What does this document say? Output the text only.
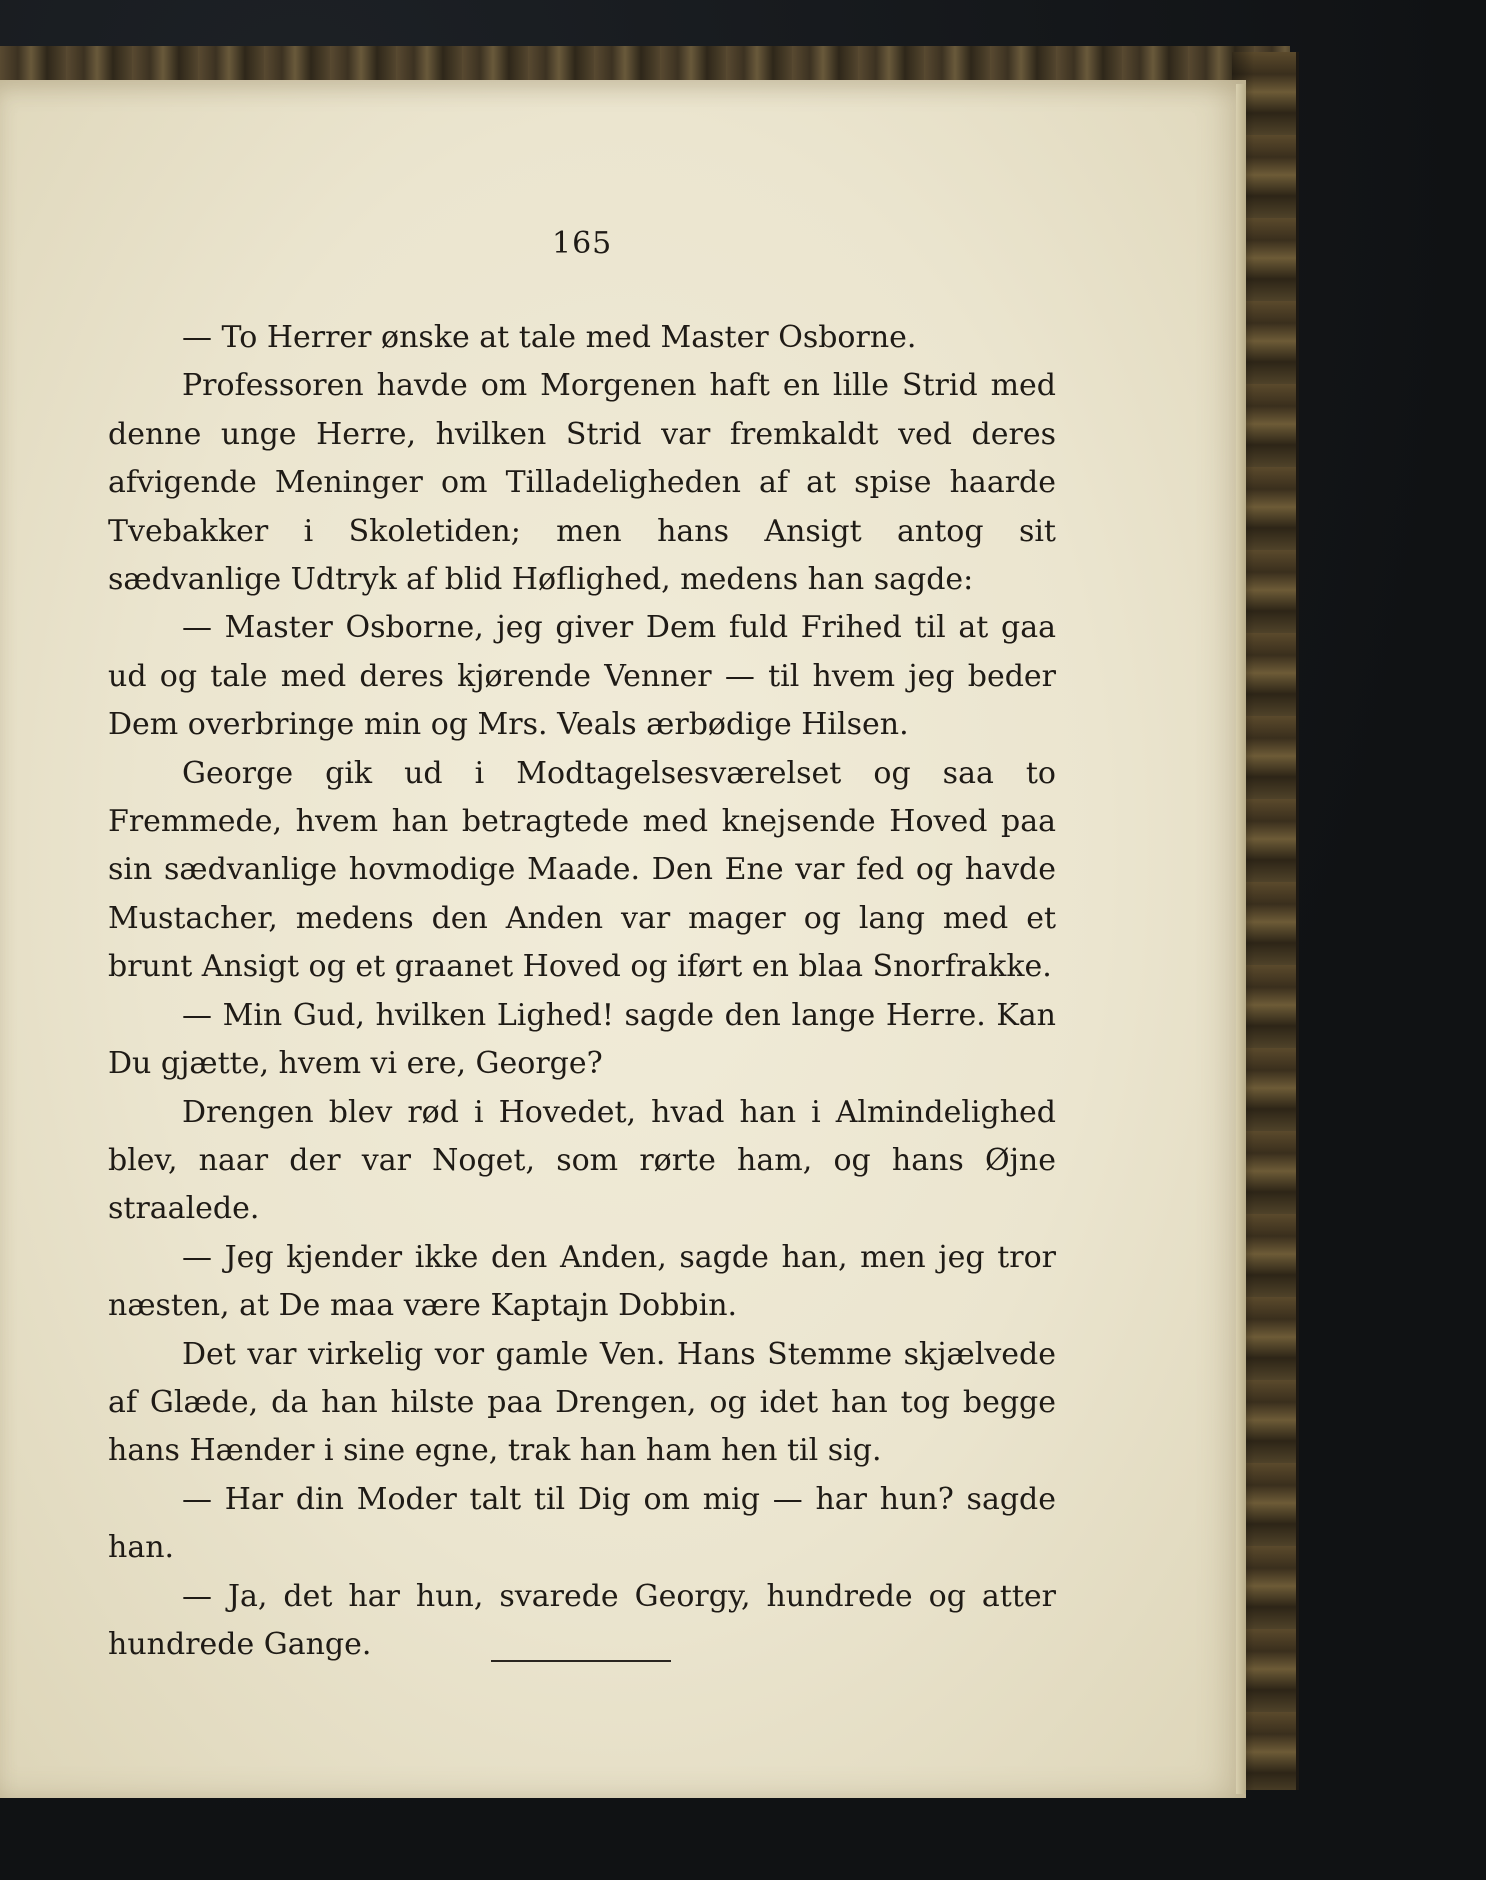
165

— To Herrer ønske at tale med Master Osborne.

Professoren havde om Morgenen haft en lille Strid med denne unge Herre, hvilken Strid var fremkaldt ved deres afvigende Meninger om Tilladeligheden af at spise haarde Tvebakker i Skoletiden; men hans Ansigt antog sit sædvanlige Udtryk af blid Høflighed, medens han sagde:

— Master Osborne, jeg giver Dem fuld Frihed til at gaa ud og tale med deres kjørende Venner — til hvem jeg beder Dem overbringe min og Mrs. Veals ærbødige Hilsen.

George gik ud i Modtagelsesværelset og saa to Fremmede, hvem han betragtede med knejsende Hoved paa sin sædvanlige hovmodige Maade. Den Ene var fed og havde Mustacher, medens den Anden var mager og lang med et brunt Ansigt og et graanet Hoved og iført en blaa Snorfrakke.

— Min Gud, hvilken Lighed! sagde den lange Herre. Kan Du gjætte, hvem vi ere, George?

Drengen blev rød i Hovedet, hvad han i Almindelighed blev, naar der var Noget, som rørte ham, og hans Øjne straalede.

— Jeg kjender ikke den Anden, sagde han, men jeg tror næsten, at De maa være Kaptajn Dobbin.

Det var virkelig vor gamle Ven. Hans Stemme skjælvede af Glæde, da han hilste paa Drengen, og idet han tog begge hans Hænder i sine egne, trak han ham hen til sig.

— Har din Moder talt til Dig om mig — har hun? sagde han.

— Ja, det har hun, svarede Georgy, hundrede og atter hundrede Gange.
